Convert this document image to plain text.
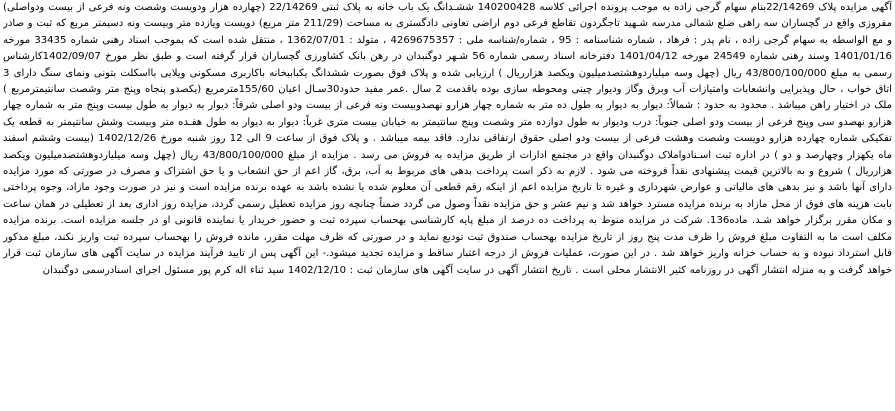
آگهی مزایده پلاک 22/14269بنام سهام گرجی زاده به موجب پرونده اجرائی کلاسه 140200428 ششـدانگ یک باب خانه به پلاک ثبتی 22/14269 (چهارده هزار ودویست وشصت ونه فرعی از بیست ودواصلی) مفروزی واقع در گچساران سه راهی ضلع شمالی مدرسه شـهید تاجگردون تقاطع فرعی دوم اراضی تعاونی دادگستری به مساحت (211/29 متر مربع) دویست ویازده متر وبیست ونه دسیمتر مربع که ثبت و صادر و مع الواسطه به سهام گرجی زاده ، نام پدر : فرهاد ، شماره شناسنامه : 95 ، شماره/شناسه ملی : 4269675357 ، متولد : 1362/07/01 ، منتقل شده است که بموجب اسناد رهنی شماره 33435 مورخه 1401/01/16 وسند رهنی شماره 24549 مورخه 1401/04/12 دفترخانه اسناد رسمی شماره 56 شـهر دوگنبدان در رهن بانک کشاورزی گچساران قرار گرفته است و طبق نظر مورخ 1402/09/07کارشناس رسمی به مبلغ 43/800/100/000 ریال (چهل وسه میلیاردوهشتصدمیلیون ویکصد هزارریال ) ارزیابی شده و پلاک فوق بصورت ششدانگ یکباببخانه باکاربری مسکونی ویلایی بااسکلت بتونی ونمای سنگ دارای 3 اتاق خواب ، حال وپذیرایی وانشعابات وامتیازات آب وبرق وگاز ودیوار چینی ومحوطه سازی بوده باقدمت 2 سال .عمر مفید حدود30سـال اعیان 155/60مترمربع (یکصدو پنجاه وپنج متر وشصت سانتیمترمربع ) ملک در اختیار راهن میباشد . محدود به حدود : شمالاً: دیوار به دیوار به طول ده متر به شماره چهار هزارو نهصدوبیست ونه فرعی از بیست ودو اصلی شرقاً: دیوار به دیوار به طول بیست وپنج متر به شماره چهار هزارو نهصدو سی وپنج فرعی از بیست ودو اصلی جنوباً: درب وديوار به طول دوازده متر وشصت وپنج سانتیمتر به خیابان بیست متری غرباً: دیوار به دیوار به طول هفـده متر وبیست وشش سانتیمتر به قطعه یک تفکیکی شماره چهارده هزارو دویست وشصت وهشت فرعی از بیست ودو اصلی حقوق ارتفاقی ندارد. فاقد بیمه میباشد . و پلاک فوق از ساعت 9 الی 12 روز شنبه مورخ 1402/12/26 (بیست وششم اسفند ماه یکهزار وچهارصد و دو ) در اداره ثبت اسـنادواملاک دوگنبدان واقع در مجتمع ادارات از طریق مزایده به فروش می رسد . مزایده از مبلغ 43/800/100/000 ریال (چهل وسه میلیاردوهشتصدمیلیون ویکصد هزارریال ) شروع و به بالاترین قیمت پیشنهادی نقداً فروخته می شود . لازم به ذکر است پرداخت بدهی های مربوط به آب، برق، گاز اعم از حق انشعاب و یا حق اشتراک و مصرف در صورتی که مورد مزایده دارای آنها باشد و نیز بدهی های مالیاتی و عوارض شهرداری و غیره تا تاریخ مزایده اعم از اینکه رقم قطعی آن معلوم شده یا نشده باشد به عهده برنده مزایده است و نیز در صورت وجود مازاد، وجوه پرداختی بابت هزینه های فوق از محل مازاد به برنده مزایده مسترد خواهد شد و نیم عشر و حق مزایده نقداً وصول می گردد ضمناً چنانچه روز مزایده تعطیل رسمی گردد، مزایده روز اداری بعد از تعطیلی در همان ساعت و مکان مقرر برگزار خواهد شـد. ماده136. شرکت در مزایده منوط به پرداخت ده درصد از مبلغ پایه کارشناسی بهحساب سپرده ثبت و حضور خریدار یا نماینده قانونی او در جلسه مزایده است. برنده مزایده مکلف است ما به التفاوت مبلغ فروش را ظرف مدت پنج روز از تاریخ مزایده بهحساب صندوق ثبت تودیع نماید و در صورتی که ظرف مهلت مقرر، مانده فروش را بهحساب سپرده ثبت واریز نکند، مبلغ مذکور قابل استرداد نبوده و به حساب خزانه واریز خواهد شد . در این صورت، عملیات فروش از درجه اعتبار ساقط و مزایده تجدید میشود.- این آگهی پس از تایید فرآیند مزایده در سایت آگهی های سازمان ثبت قرار خواهد گرفت و به منزله انتشار آگهی در روزنامه کثیر الانتشار محلی است . تاریخ انتشار آگهی در سایت آگهی های سازمان ثبت : 1402/12/10 سید ثناء اله کرم پور مسئول اجرای اسنادرسمی دوگنبدان
